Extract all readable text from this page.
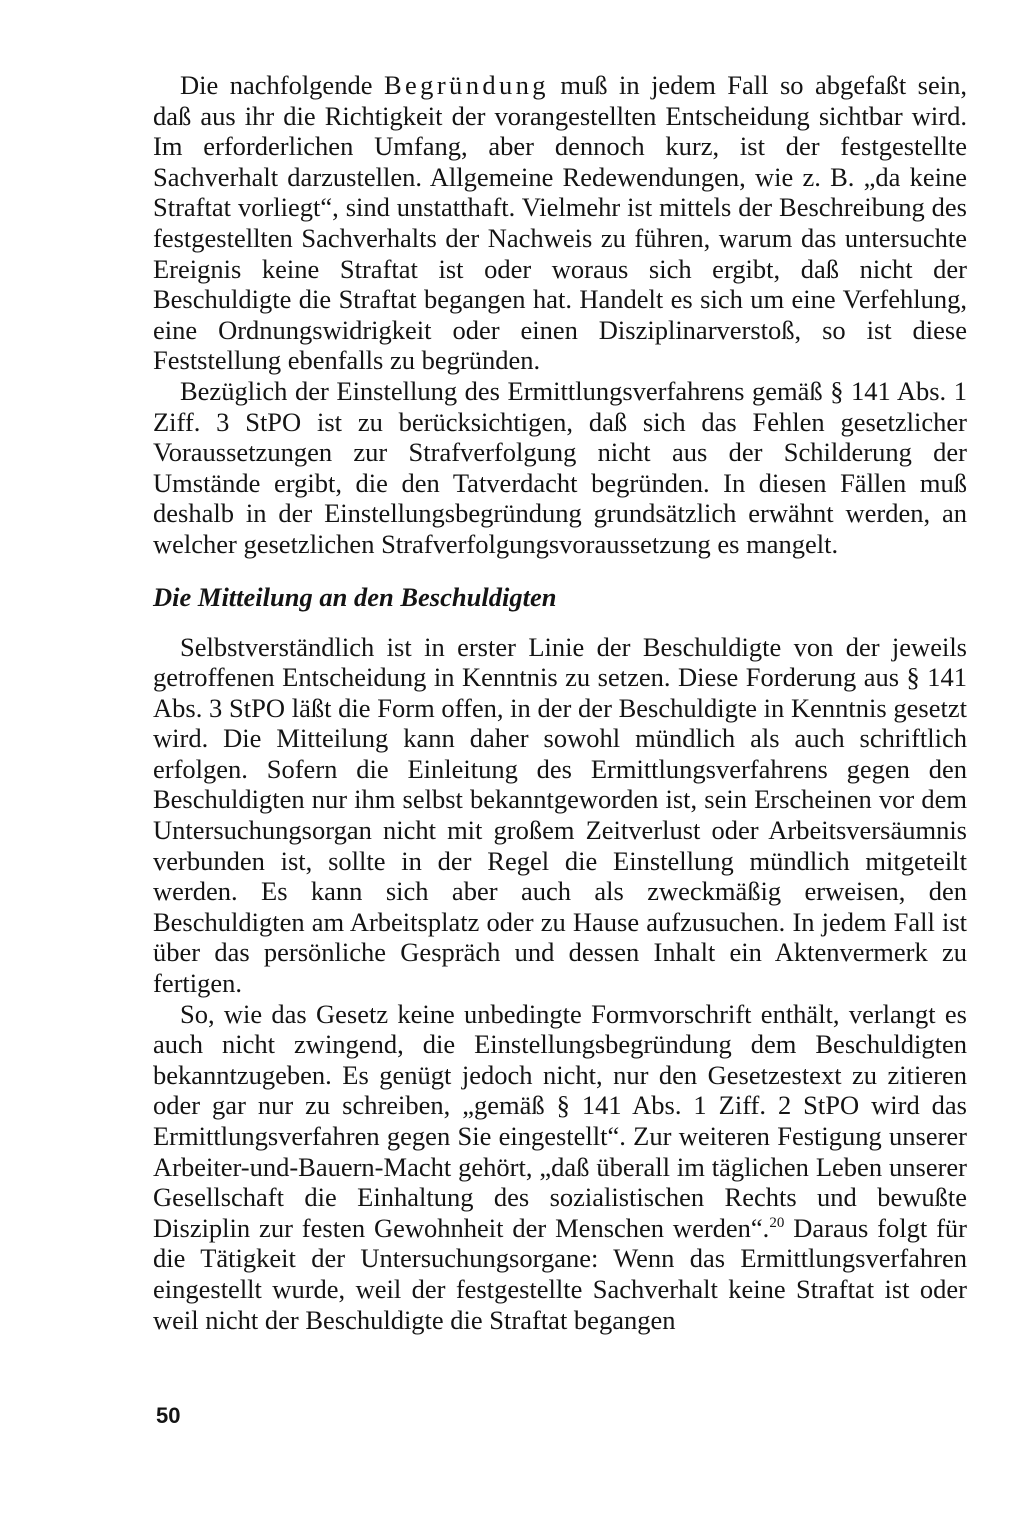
Die nachfolgende Begründung muß in jedem Fall so abgefaßt sein, daß aus ihr die Richtigkeit der vorangestellten Entscheidung sichtbar wird. Im erforderlichen Umfang, aber dennoch kurz, ist der festgestellte Sachverhalt darzustellen. Allgemeine Redewendungen, wie z. B. „da keine Straftat vorliegt“, sind unstatthaft. Vielmehr ist mittels der Beschreibung des festgestellten Sachverhalts der Nachweis zu führen, warum das untersuchte Ereignis keine Straftat ist oder woraus sich ergibt, daß nicht der Beschuldigte die Straftat begangen hat. Handelt es sich um eine Verfehlung, eine Ordnungswidrigkeit oder einen Disziplinarverstoß, so ist diese Feststellung ebenfalls zu begründen.

Bezüglich der Einstellung des Ermittlungsverfahrens gemäß § 141 Abs. 1 Ziff. 3 StPO ist zu berücksichtigen, daß sich das Fehlen gesetzlicher Voraussetzungen zur Strafverfolgung nicht aus der Schilderung der Umstände ergibt, die den Tatverdacht begründen. In diesen Fällen muß deshalb in der Einstellungsbegründung grundsätzlich erwähnt werden, an welcher gesetzlichen Strafverfolgungsvoraussetzung es mangelt.

Die Mitteilung an den Beschuldigten

Selbstverständlich ist in erster Linie der Beschuldigte von der jeweils getroffenen Entscheidung in Kenntnis zu setzen. Diese Forderung aus § 141 Abs. 3 StPO läßt die Form offen, in der der Beschuldigte in Kenntnis gesetzt wird. Die Mitteilung kann daher sowohl mündlich als auch schriftlich erfolgen. Sofern die Einleitung des Ermittlungsverfahrens gegen den Beschuldigten nur ihm selbst bekanntgeworden ist, sein Erscheinen vor dem Untersuchungsorgan nicht mit großem Zeitverlust oder Arbeitsversäumnis verbunden ist, sollte in der Regel die Einstellung mündlich mitgeteilt werden. Es kann sich aber auch als zweckmäßig erweisen, den Beschuldigten am Arbeitsplatz oder zu Hause aufzusuchen. In jedem Fall ist über das persönliche Gespräch und dessen Inhalt ein Aktenvermerk zu fertigen.

So, wie das Gesetz keine unbedingte Formvorschrift enthält, verlangt es auch nicht zwingend, die Einstellungsbegründung dem Beschuldigten bekanntzugeben. Es genügt jedoch nicht, nur den Gesetzestext zu zitieren oder gar nur zu schreiben, „gemäß § 141 Abs. 1 Ziff. 2 StPO wird das Ermittlungsverfahren gegen Sie eingestellt“. Zur weiteren Festigung unserer Arbeiter-und-Bauern-Macht gehört, „daß überall im täglichen Leben unserer Gesellschaft die Einhaltung des sozialistischen Rechts und bewußte Disziplin zur festen Gewohnheit der Menschen werden“.$^{20}$ Daraus folgt für die Tätigkeit der Untersuchungsorgane: Wenn das Ermittlungsverfahren eingestellt wurde, weil der festgestellte Sachverhalt keine Straftat ist oder weil nicht der Beschuldigte die Straftat begangen

50
